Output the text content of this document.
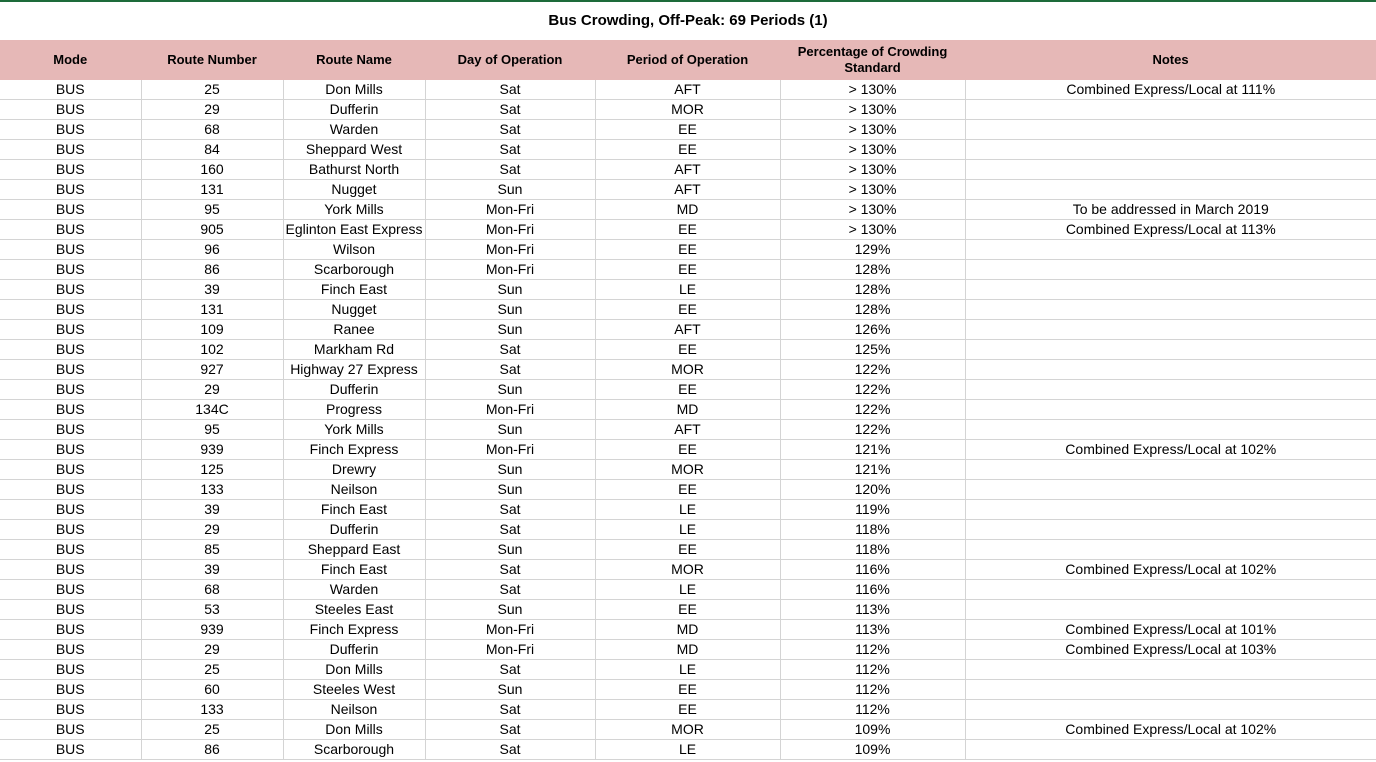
Bus Crowding, Off-Peak: 69 Periods (1)
Mode	Route Number	Route Name	Day of Operation	Period of Operation	Percentage of Crowding Standard	Notes
BUS	25	Don Mills	Sat	AFT	> 130%	Combined Express/Local at 111%
BUS	29	Dufferin	Sat	MOR	> 130%	
BUS	68	Warden	Sat	EE	> 130%	
BUS	84	Sheppard West	Sat	EE	> 130%	
BUS	160	Bathurst North	Sat	AFT	> 130%	
BUS	131	Nugget	Sun	AFT	> 130%	
BUS	95	York Mills	Mon-Fri	MD	> 130%	To be addressed in March 2019
BUS	905	Eglinton East Express	Mon-Fri	EE	> 130%	Combined Express/Local at 113%
BUS	96	Wilson	Mon-Fri	EE	129%	
BUS	86	Scarborough	Mon-Fri	EE	128%	
BUS	39	Finch East	Sun	LE	128%	
BUS	131	Nugget	Sun	EE	128%	
BUS	109	Ranee	Sun	AFT	126%	
BUS	102	Markham Rd	Sat	EE	125%	
BUS	927	Highway 27 Express	Sat	MOR	122%	
BUS	29	Dufferin	Sun	EE	122%	
BUS	134C	Progress	Mon-Fri	MD	122%	
BUS	95	York Mills	Sun	AFT	122%	
BUS	939	Finch Express	Mon-Fri	EE	121%	Combined Express/Local at 102%
BUS	125	Drewry	Sun	MOR	121%	
BUS	133	Neilson	Sun	EE	120%	
BUS	39	Finch East	Sat	LE	119%	
BUS	29	Dufferin	Sat	LE	118%	
BUS	85	Sheppard East	Sun	EE	118%	
BUS	39	Finch East	Sat	MOR	116%	Combined Express/Local at 102%
BUS	68	Warden	Sat	LE	116%	
BUS	53	Steeles East	Sun	EE	113%	
BUS	939	Finch Express	Mon-Fri	MD	113%	Combined Express/Local at 101%
BUS	29	Dufferin	Mon-Fri	MD	112%	Combined Express/Local at 103%
BUS	25	Don Mills	Sat	LE	112%	
BUS	60	Steeles West	Sun	EE	112%	
BUS	133	Neilson	Sat	EE	112%	
BUS	25	Don Mills	Sat	MOR	109%	Combined Express/Local at 102%
BUS	86	Scarborough	Sat	LE	109%	
